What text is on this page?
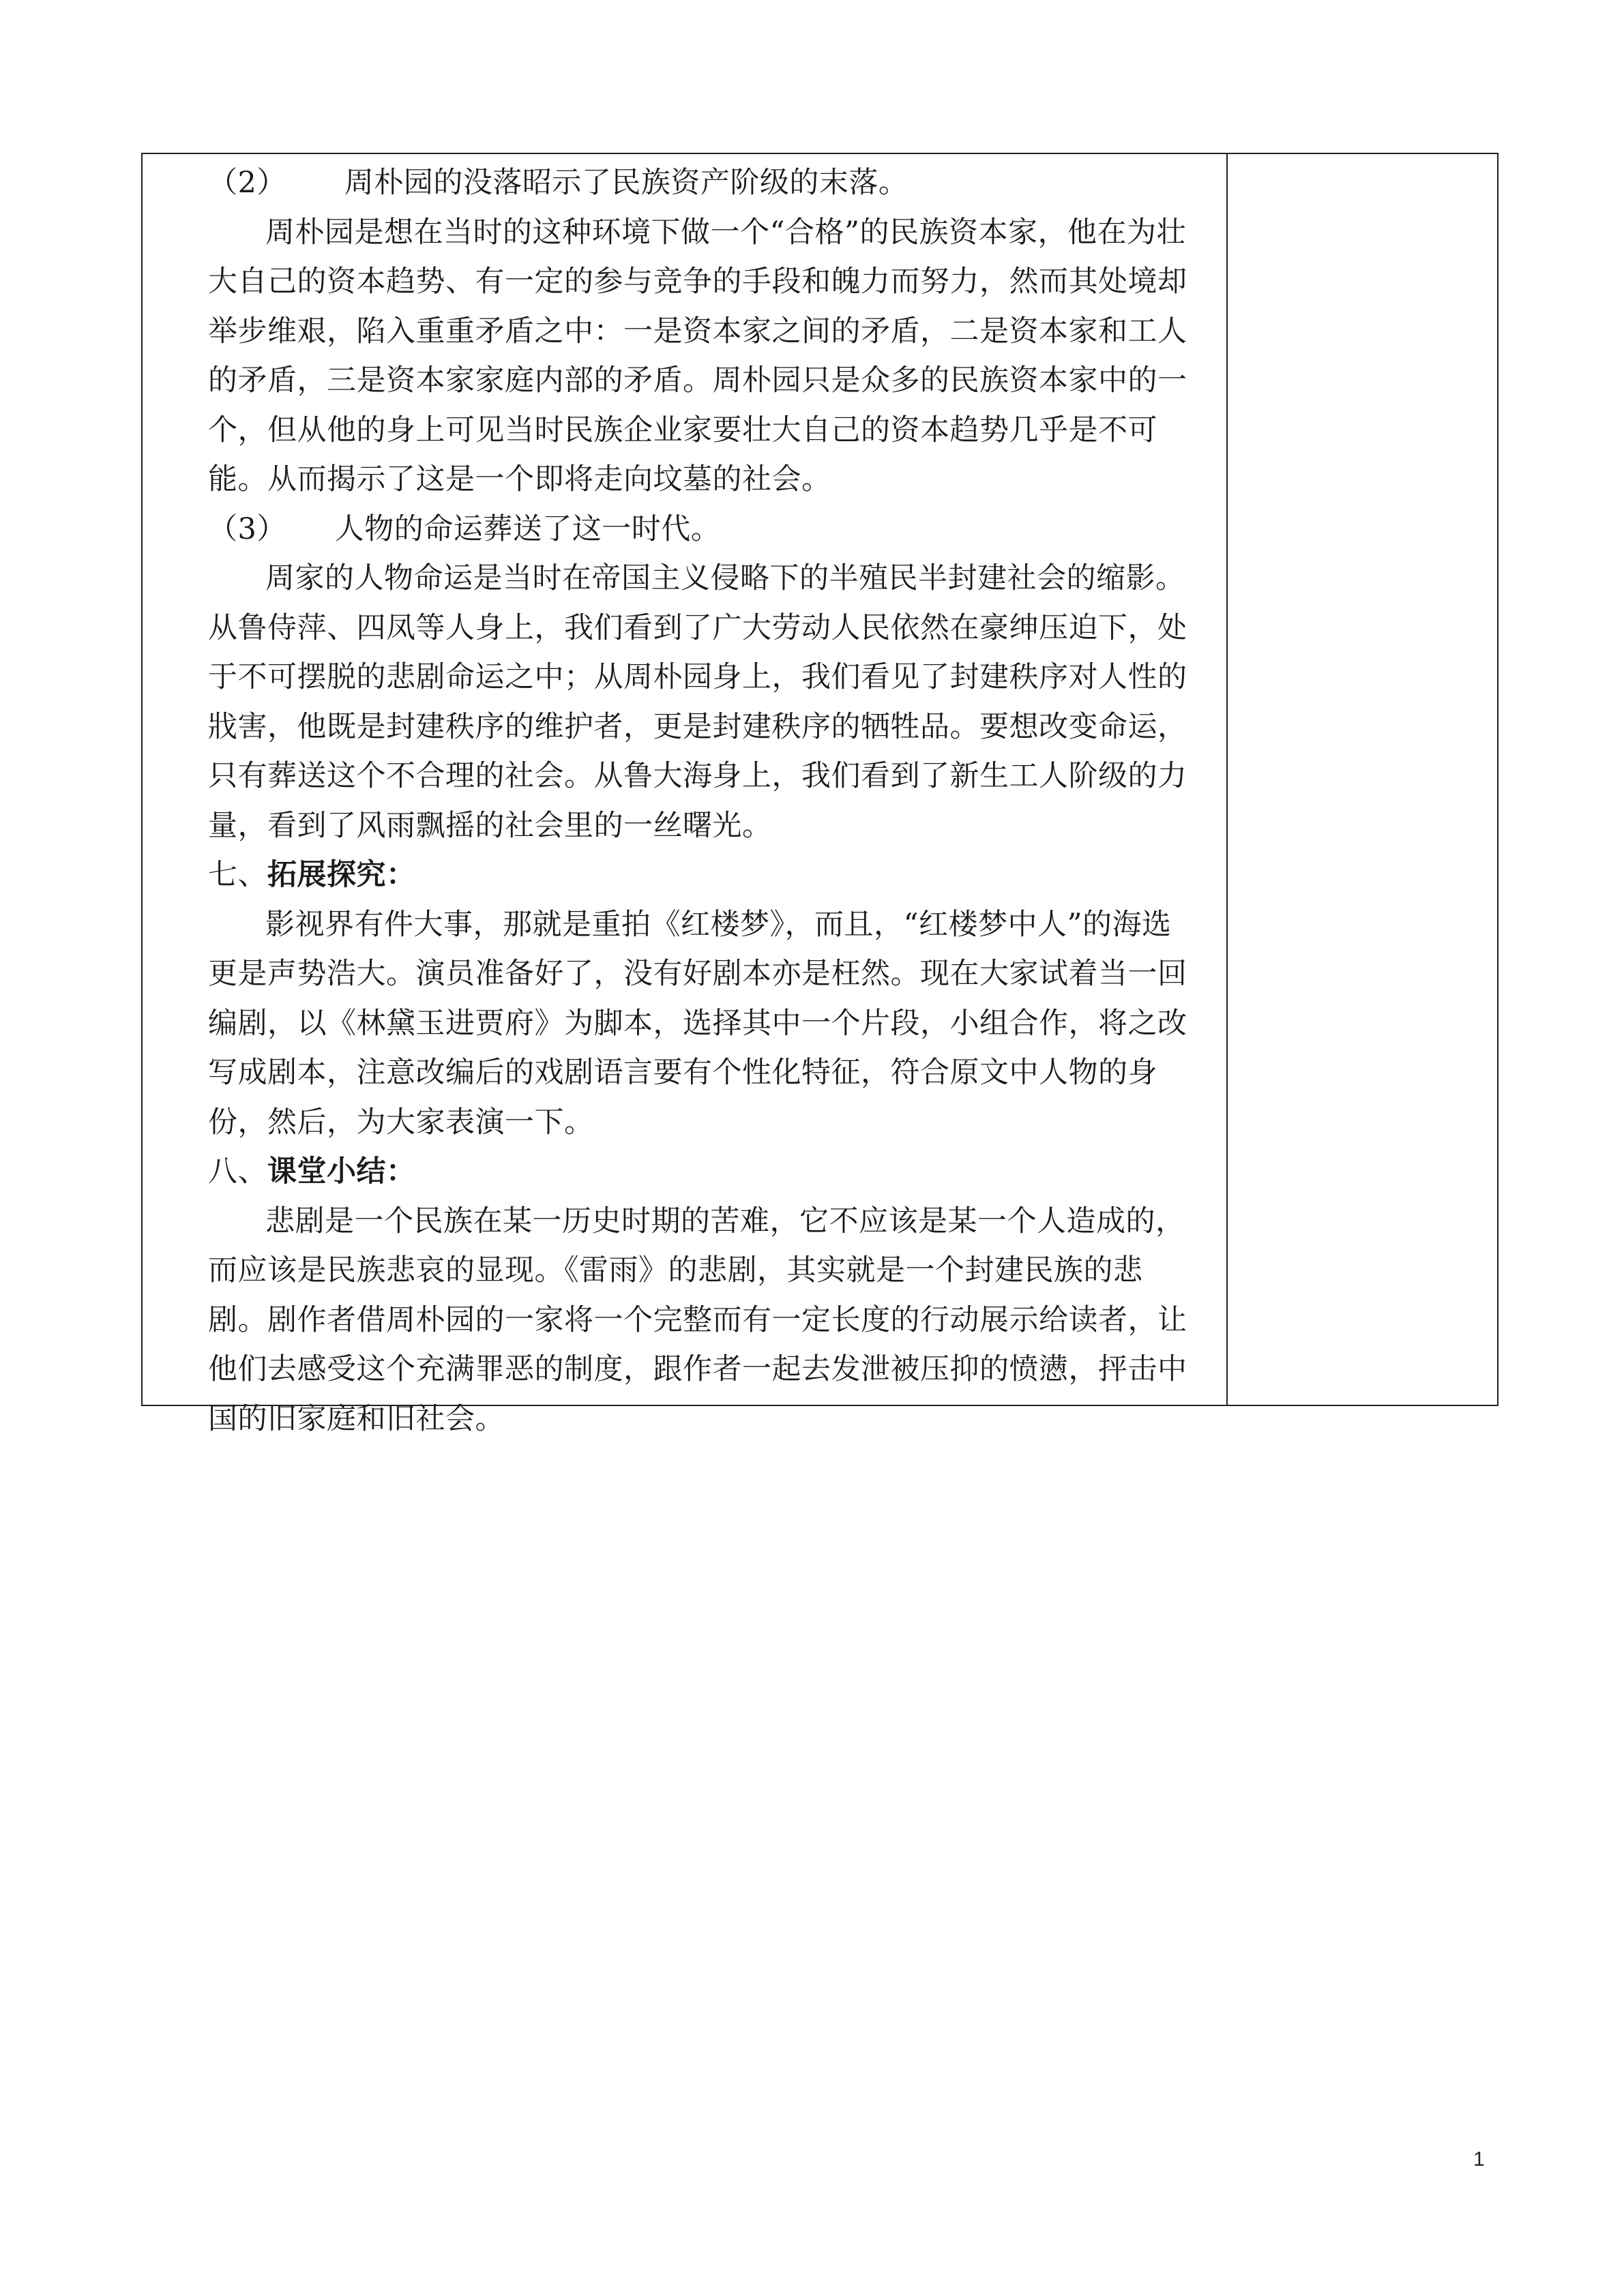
（2） 周朴园的没落昭示了民族资产阶级的末落。

周朴园是想在当时的这种环境下做一个“合格”的民族资本家，他在为壮大自己的资本趋势、有一定的参与竞争的手段和魄力而努力，然而其处境却举步维艰，陷入重重矛盾之中：一是资本家之间的矛盾，二是资本家和工人的矛盾，三是资本家家庭内部的矛盾。周朴园只是众多的民族资本家中的一个，但从他的身上可见当时民族企业家要壮大自己的资本趋势几乎是不可能。从而揭示了这是一个即将走向坟墓的社会。

（3） 人物的命运葬送了这一时代。

周家的人物命运是当时在帝国主义侵略下的半殖民半封建社会的缩影。从鲁侍萍、四凤等人身上，我们看到了广大劳动人民依然在豪绅压迫下，处于不可摆脱的悲剧命运之中；从周朴园身上，我们看见了封建秩序对人性的戕害，他既是封建秩序的维护者，更是封建秩序的牺牲品。要想改变命运，只有葬送这个不合理的社会。从鲁大海身上，我们看到了新生工人阶级的力量，看到了风雨飘摇的社会里的一丝曙光。

七、拓展探究：

影视界有件大事，那就是重拍《红楼梦》，而且，“红楼梦中人”的海选更是声势浩大。演员准备好了，没有好剧本亦是枉然。现在大家试着当一回编剧，以《林黛玉进贾府》为脚本，选择其中一个片段，小组合作，将之改写成剧本，注意改编后的戏剧语言要有个性化特征，符合原文中人物的身份，然后，为大家表演一下。

八、课堂小结：

悲剧是一个民族在某一历史时期的苦难，它不应该是某一个人造成的，而应该是民族悲哀的显现。《雷雨》的悲剧，其实就是一个封建民族的悲剧。剧作者借周朴园的一家将一个完整而有一定长度的行动展示给读者，让他们去感受这个充满罪恶的制度，跟作者一起去发泄被压抑的愤懑，抨击中国的旧家庭和旧社会。

1
